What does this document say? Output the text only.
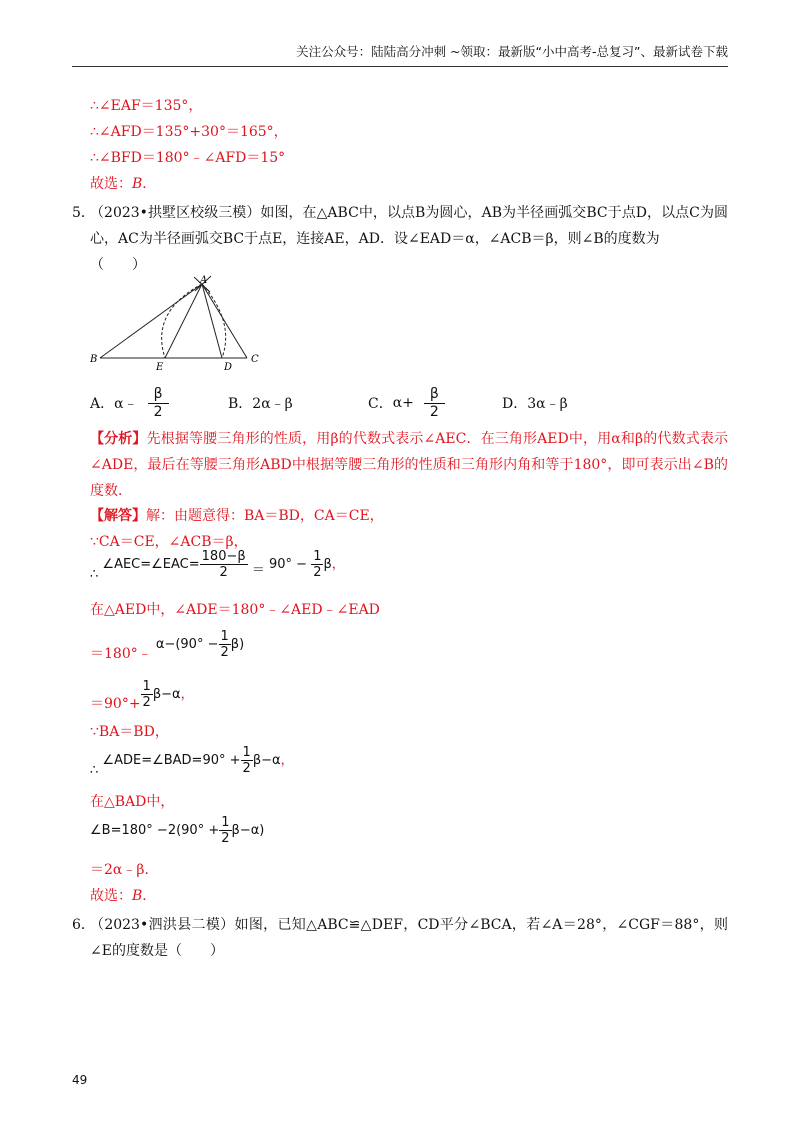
关注公众号：陆陆高分冲刺 ~领取：最新版“小中高考-总复习”、最新试卷下载
∴∠EAF＝135°，
∴∠AFD＝135°+30°＝165°，
∴∠BFD＝180°﹣∠AFD＝15°
故选：B．
5．
（2023•拱墅区校级三模）如图，在△ABC中，以点B为圆心，AB为半径画弧交BC于点D，以点C为圆心，AC为半径画弧交BC于点E，连接AE，AD．设∠EAD＝α，∠ACB＝β，则∠B的度数为
（　　）
A
B	C
D
E
A． α﹣ $\frac{\beta}{2}$	B． 2α﹣β	C． $\alpha+ \frac{\beta}{2}$	D． 3α﹣β
【分析】先根据等腰三角形的性质，用β的代数式表示∠AEC．在三角形AED中，用α和β的代数式表示∠ADE，最后在等腰三角形ABD中根据等腰三角形的性质和三角形内角和等于180°，即可表示出∠B的度数．
【解答】解：由题意得：BA＝BD，CA＝CE，
∵CA＝CE，∠ACB＝β，
∴ ∠AEC=∠EAC= $\frac{180-\beta}{2} = 90^\circ - \frac{1}{2}$ β，
在△AED中，∠ADE＝180°﹣∠AED﹣∠EAD
＝180°﹣ $\alpha-(90^\circ - \frac{1}{2} \beta)$
$=90^\circ+ \frac{1}{2} \beta-\alpha$，
∵BA＝BD，
∴ ∠ADE=∠BAD=90° + $\frac{1}{2} \beta-\alpha$，
在△BAD中，
∠B=180° $-2(90^\circ + \frac{1}{2} \beta-\alpha)$
＝2α﹣β．
故选：B．
6．
（2023•泗洪县二模）如图，已知△ABC≌△DEF，CD平分∠BCA，若∠A＝28°，∠CGF＝88°，则∠E的度数是（　　）
49
